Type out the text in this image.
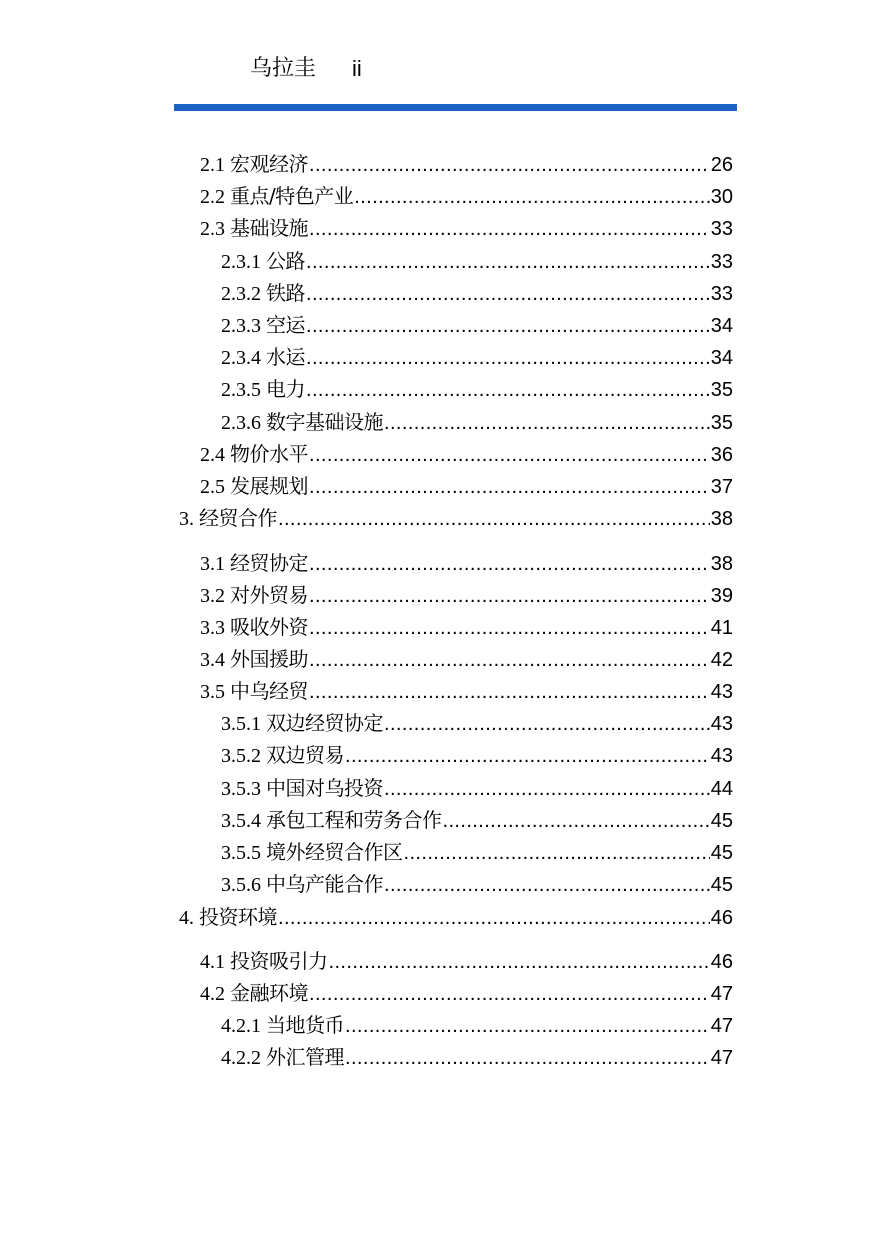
乌拉圭 ii
2.1 宏观经济 .....	26
2.2 重点/特色产业 .....	30
2.3 基础设施 .....	33
2.3.1 公路 .....	33
2.3.2 铁路 .....	33
2.3.3 空运 .....	34
2.3.4 水运 .....	34
2.3.5 电力 .....	35
2.3.6 数字基础设施 .....	35
2.4 物价水平 .....	36
2.5 发展规划 .....	37
3. 经贸合作 .....	38
3.1 经贸协定 .....	38
3.2 对外贸易 .....	39
3.3 吸收外资 .....	41
3.4 外国援助 .....	42
3.5 中乌经贸 .....	43
3.5.1 双边经贸协定 .....	43
3.5.2 双边贸易 .....	43
3.5.3 中国对乌投资 .....	44
3.5.4 承包工程和劳务合作 .....	45
3.5.5 境外经贸合作区 .....	45
3.5.6 中乌产能合作 .....	45
4. 投资环境 .....	46
4.1 投资吸引力 .....	46
4.2 金融环境 .....	47
4.2.1 当地货币 .....	47
4.2.2 外汇管理 .....	47
